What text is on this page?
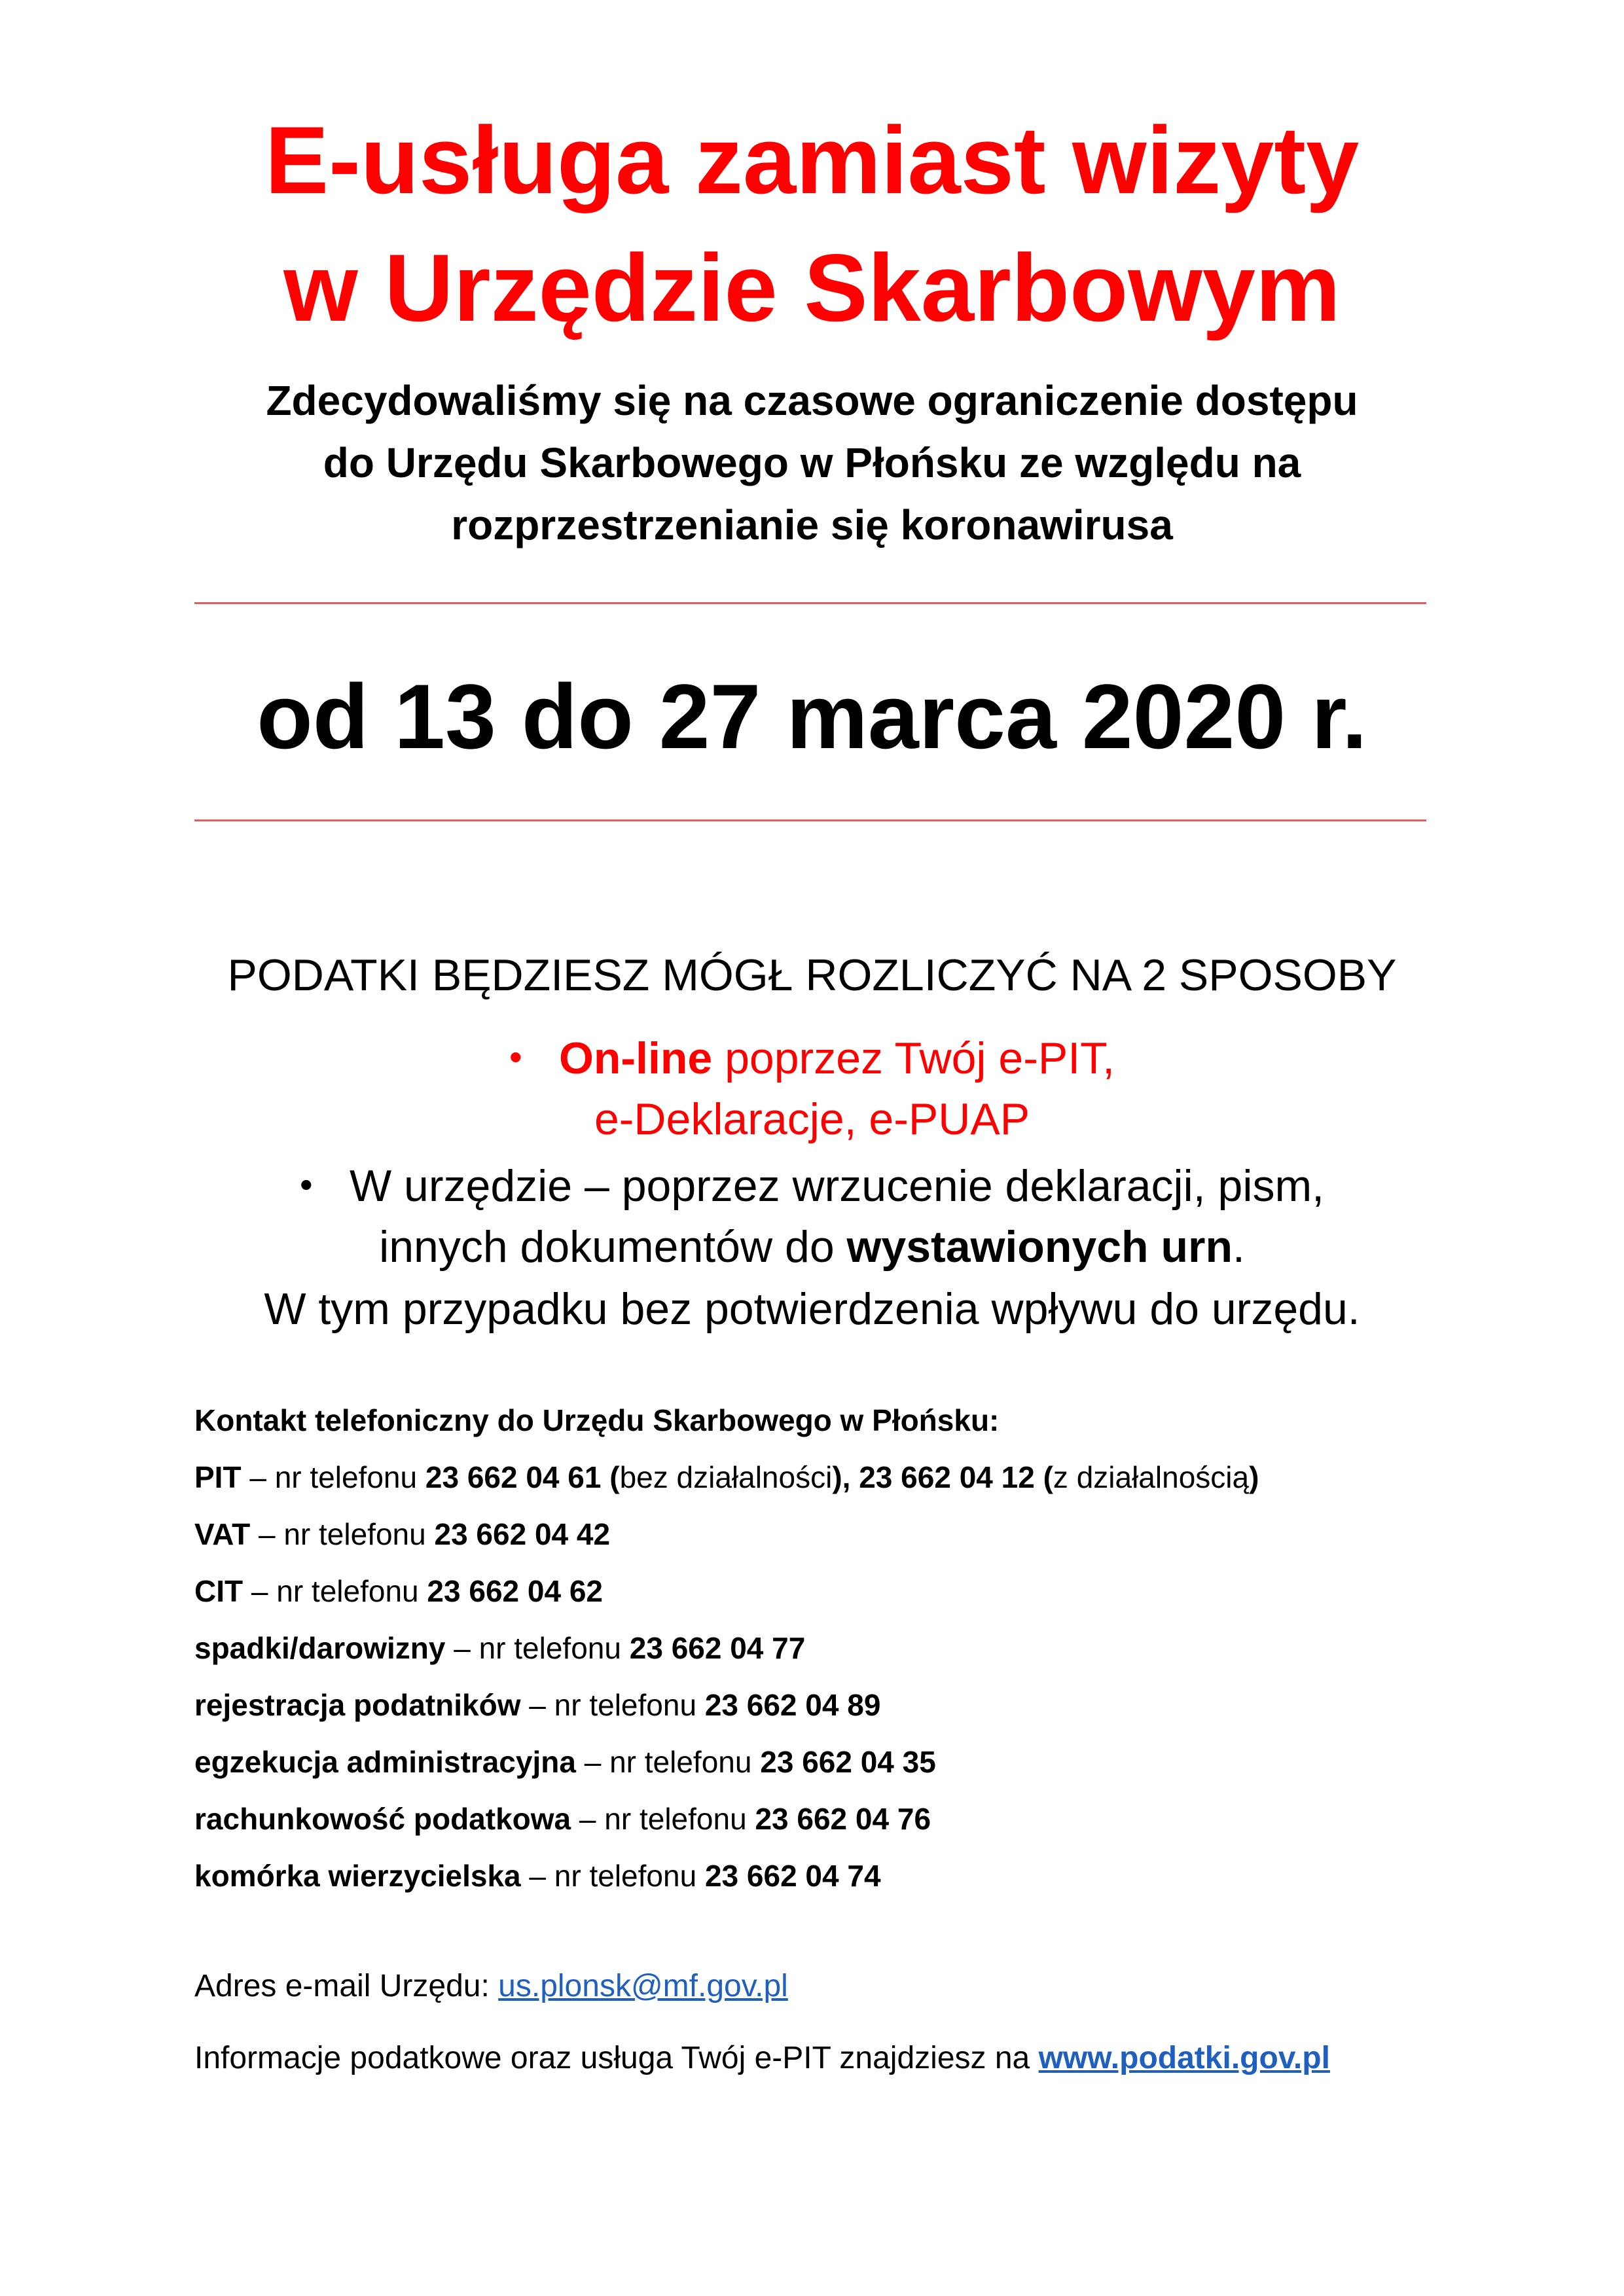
E-usługa zamiast wizyty
w Urzędzie Skarbowym
Zdecydowaliśmy się na czasowe ograniczenie dostępu
do Urzędu Skarbowego w Płońsku ze względu na
rozprzestrzenianie się koronawirusa
od 13 do 27 marca 2020 r.
PODATKI BĘDZIESZ MÓGŁ ROZLICZYĆ NA 2 SPOSOBY
• On-line poprzez Twój e-PIT,
e-Deklaracje, e-PUAP
• W urzędzie – poprzez wrzucenie deklaracji, pism,
innych dokumentów do wystawionych urn.
W tym przypadku bez potwierdzenia wpływu do urzędu.
Kontakt telefoniczny do Urzędu Skarbowego w Płońsku:
PIT – nr telefonu 23 662 04 61 (bez działalności), 23 662 04 12 (z działalnością)
VAT – nr telefonu 23 662 04 42
CIT – nr telefonu 23 662 04 62
spadki/darowizny – nr telefonu 23 662 04 77
rejestracja podatników – nr telefonu 23 662 04 89
egzekucja administracyjna – nr telefonu 23 662 04 35
rachunkowość podatkowa – nr telefonu 23 662 04 76
komórka wierzycielska – nr telefonu 23 662 04 74
Adres e-mail Urzędu: us.plonsk@mf.gov.pl
Informacje podatkowe oraz usługa Twój e-PIT znajdziesz na www.podatki.gov.pl
